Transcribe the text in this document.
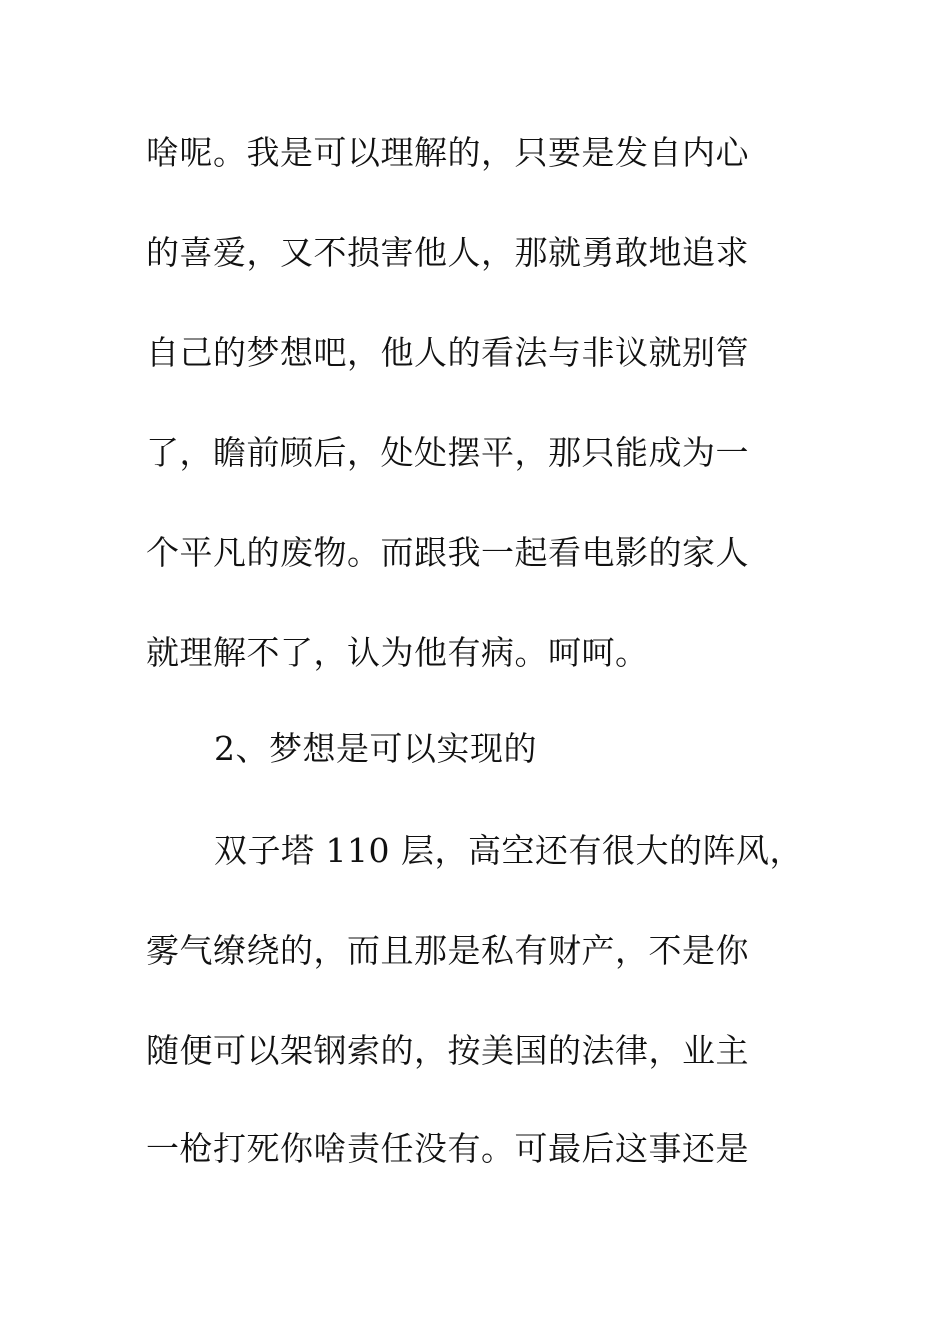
啥呢。我是可以理解的，只要是发自内心
的喜爱，又不损害他人，那就勇敢地追求
自己的梦想吧，他人的看法与非议就别管
了，瞻前顾后，处处摆平，那只能成为一
个平凡的废物。而跟我一起看电影的家人
就理解不了，认为他有病。呵呵。
2、梦想是可以实现的
双子塔 110 层，高空还有很大的阵风，
雾气缭绕的，而且那是私有财产，不是你
随便可以架钢索的，按美国的法律，业主
一枪打死你啥责任没有。可最后这事还是
